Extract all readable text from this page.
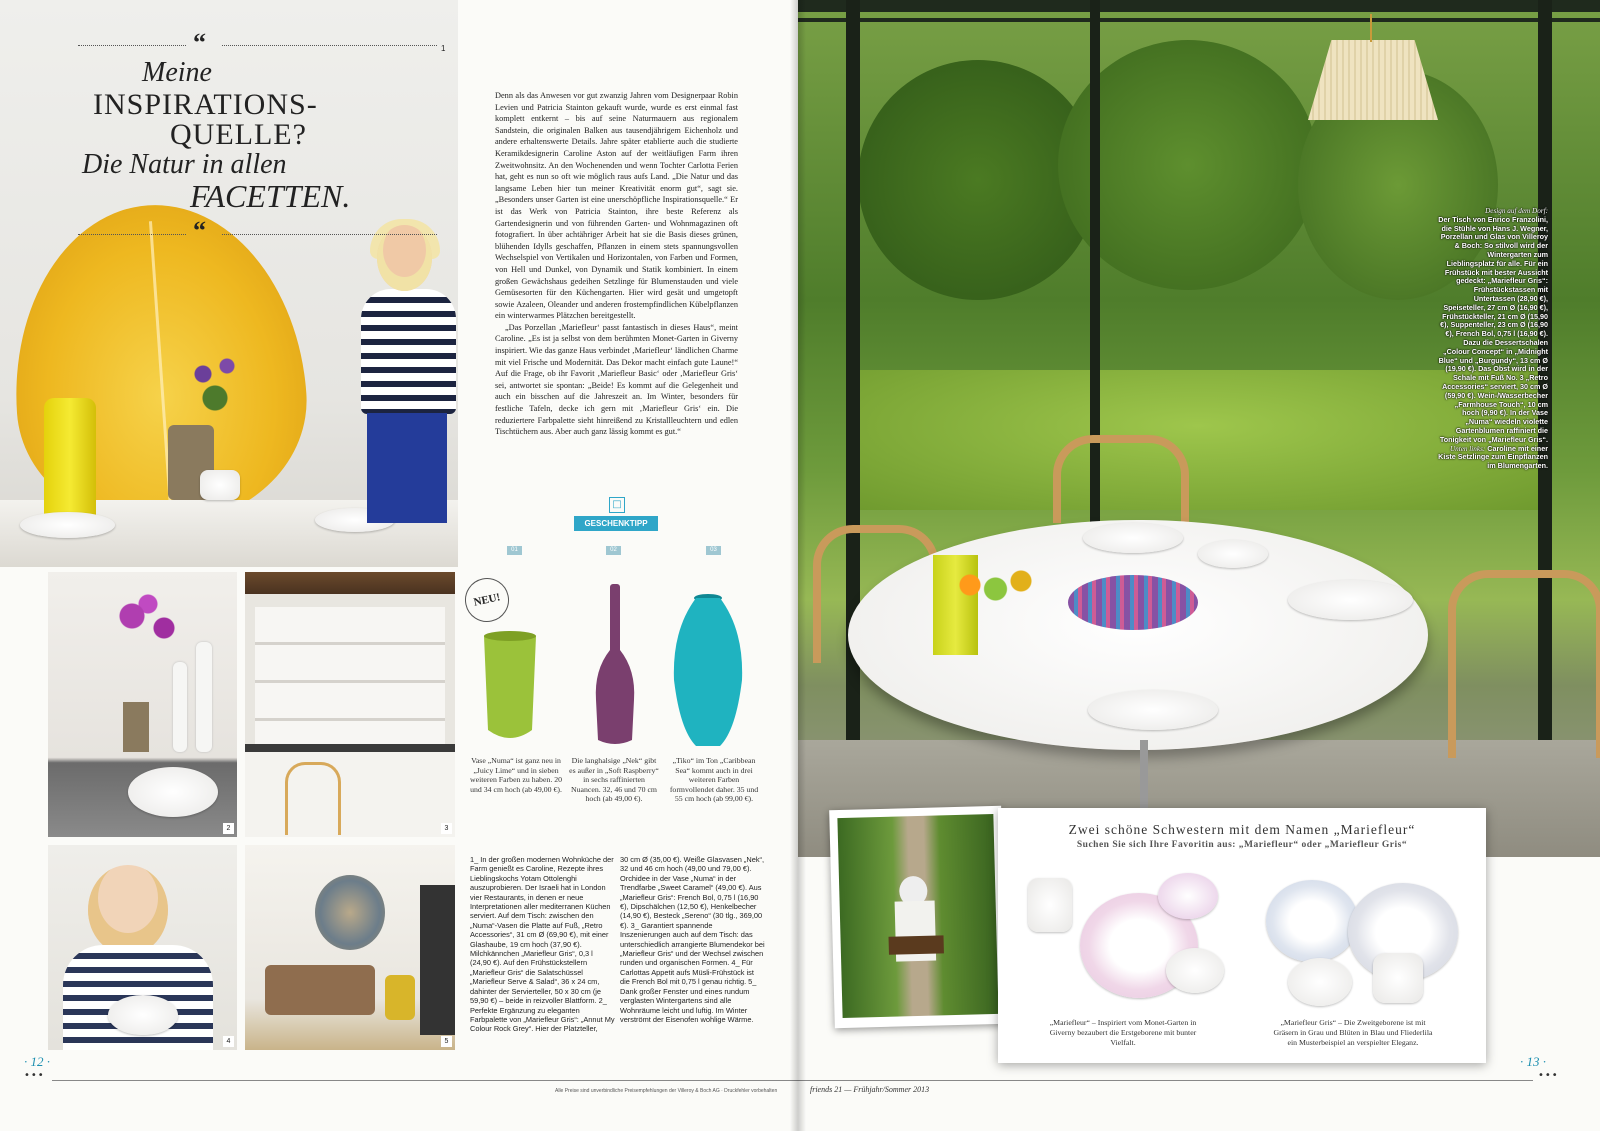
“	1
Meine
INSPIRATIONS-
QUELLE?
Die Natur in allen
FACETTEN.
“

Denn als das Anwesen vor gut zwanzig Jahren vom Designerpaar Robin Levien und Patricia Stainton gekauft wurde, wurde es erst einmal fast komplett entkernt – bis auf seine Naturmauern aus regionalem Sandstein, die originalen Balken aus tausendjährigem Eichenholz und andere erhaltenswerte Details. Jahre später etablierte auch die studierte Keramikdesignerin Caroline Aston auf der weitläufigen Farm ihren Zweitwohnsitz. An den Wochenenden und wenn Tochter Carlotta Ferien hat, geht es nun so oft wie möglich raus aufs Land. „Die Natur und das langsame Leben hier tun meiner Kreativität enorm gut“, sagt sie. „Besonders unser Garten ist eine unerschöpfliche Inspirationsquelle.“ Er ist das Werk von Patricia Stainton, ihre beste Referenz als Gartendesignerin und von führenden Garten- und Wohnmagazinen oft fotografiert. In über achtähriger Arbeit hat sie die Basis dieses grünen, blühenden Idylls geschaffen, Pflanzen in einem stets spannungsvollen Wechselspiel von Vertikalen und Horizontalen, von Farben und Formen, von Hell und Dunkel, von Dynamik und Statik kombiniert. In einem großen Gewächshaus gedeihen Setzlinge für Blumenstauden und viele Gemüsesorten für den Küchengarten. Hier wird gesät und umgetopft sowie Azaleen, Oleander und anderen frostempfindlichen Kübelpflanzen ein winterwarmes Plätzchen bereitgestellt.

„Das Porzellan ‚Mariefleur‘ passt fantastisch in dieses Haus“, meint Caroline. „Es ist ja selbst von dem berühmten Monet-Garten in Giverny inspiriert. Wie das ganze Haus verbindet ‚Mariefleur‘ ländlichen Charme mit viel Frische und Modernität. Das Dekor macht einfach gute Laune!“ Auf die Frage, ob ihr Favorit ‚Mariefleur Basic‘ oder ‚Mariefleur Gris‘ sei, antwortet sie spontan: „Beide! Es kommt auf die Gelegenheit und auch ein bisschen auf die Jahreszeit an. Im Winter, besonders für festliche Tafeln, decke ich gern mit ‚Mariefleur Gris‘ ein. Die reduziertere Farbpalette sieht hinreißend zu Kristallleuchtern und edlen Tischtüchern aus. Aber auch ganz lässig kommt es gut.“

□
GESCHENKTIPP
01	02	03
NEU!
Vase „Numa“ ist ganz neu in „Juicy Lime“ und in sieben weiteren Farben zu haben. 20 und 34 cm hoch (ab 49,00 €).
Die langhalsige „Nek“ gibt es außer in „Soft Raspberry“ in sechs raffinierten Nuancen. 32, 46 und 70 cm hoch (ab 49,00 €).
„Tiko“ im Ton „Caribbean Sea“ kommt auch in drei weiteren Farben formvollendet daher. 35 und 55 cm hoch (ab 99,00 €).
2	3
4	5
1_ In der großen modernen Wohnküche der Farm genießt es Caroline, Rezepte ihres Lieblingskochs Yotam Ottolenghi auszuprobieren. Der Israeli hat in London vier Restaurants, in denen er neue Interpretationen aller mediterranen Küchen serviert. Auf dem Tisch: zwischen den „Numa“-Vasen die Platte auf Fuß, „Retro Accessories“, 31 cm Ø (69,90 €), mit einer Glashaube, 19 cm hoch (37,90 €). Milchkännchen „Mariefleur Gris“, 0,3 l (24,90 €). Auf den Frühstückstellern „Mariefleur Gris“ die Salatschüssel „Mariefleur Serve & Salad“, 36 x 24 cm, dahinter der Servierteller, 50 x 30 cm (je 59,90 €) – beide in reizvoller Blattform. 2_ Perfekte Ergänzung zu eleganten Farbpalette von „Mariefleur Gris“: „Annut My Colour Rock Grey“. Hier der Platzteller,
30 cm Ø (35,00 €). Weiße Glasvasen „Nek“, 32 und 46 cm hoch (49,00 und 79,00 €). Orchidee in der Vase „Numa“ in der Trendfarbe „Sweet Caramel“ (49,00 €). Aus „Mariefleur Gris“: French Bol, 0,75 l (16,90 €), Dipschälchen (12,50 €), Henkelbecher (14,90 €), Besteck „Sereno“ (30 tlg., 369,00 €). 3_ Garantiert spannende Inszenierungen auch auf dem Tisch: das unterschiedlich arrangierte Blumendekor bei „Mariefleur Gris“ und der Wechsel zwischen runden und organischen Formen. 4_ Für Carlottas Appetit aufs Müsli-Frühstück ist die French Bol mit 0,75 l genau richtig. 5_ Dank großer Fenster und eines rundum verglasten Wintergartens sind alle Wohnräume leicht und luftig. Im Winter verströmt der Eisenofen wohlige Wärme.
· 12 ·
•••
Alle Preise sind unverbindliche Preisempfehlungen der Villeroy & Boch AG · Druckfehler vorbehalten
Design auf dem Dorf:
Der Tisch von Enrico Franzolini, die Stühle von Hans J. Wegner, Porzellan und Glas von Villeroy & Boch: So stilvoll wird der Wintergarten zum Lieblingsplatz für alle. Für ein Frühstück mit bester Aussicht gedeckt: „Mariefleur Gris“: Frühstückstassen mit Untertassen (28,90 €), Speiseteller, 27 cm Ø (16,90 €), Frühstückteller, 21 cm Ø (15,90 €), Suppenteller, 23 cm Ø (16,90 €), French Bol, 0,75 l (16,90 €). Dazu die Dessertschalen „Colour Concept“ in „Midnight Blue“ und „Burgundy“, 13 cm Ø (19,90 €). Das Obst wird in der Schale mit Fuß No. 3 „Retro Accessories“ serviert, 30 cm Ø (59,90 €). Wein-/Wasserbecher „Farmhouse Touch“, 10 cm hoch (9,90 €). In der Vase „Numa“ wiedeln violette Gartenblumen raffiniert die Tonigkeit von „Mariefleur Gris“.
Unten links: Caroline mit einer Kiste Setzlinge zum Einpflanzen im Blumengarten.
Zwei schöne Schwestern mit dem Namen „Mariefleur“
Suchen Sie sich Ihre Favoritin aus: „Mariefleur“ oder „Mariefleur Gris“
„Mariefleur“ – Inspiriert vom Monet-Garten in Giverny bezaubert die Erstgeborene mit bunter Vielfalt.
„Mariefleur Gris“ – Die Zweitgeborene ist mit Gräsern in Grau und Blüten in Blau und Fliederlila ein Musterbeispiel an verspielter Eleganz.
friends 21 — Frühjahr/Sommer 2013
· 13 ·
•••
